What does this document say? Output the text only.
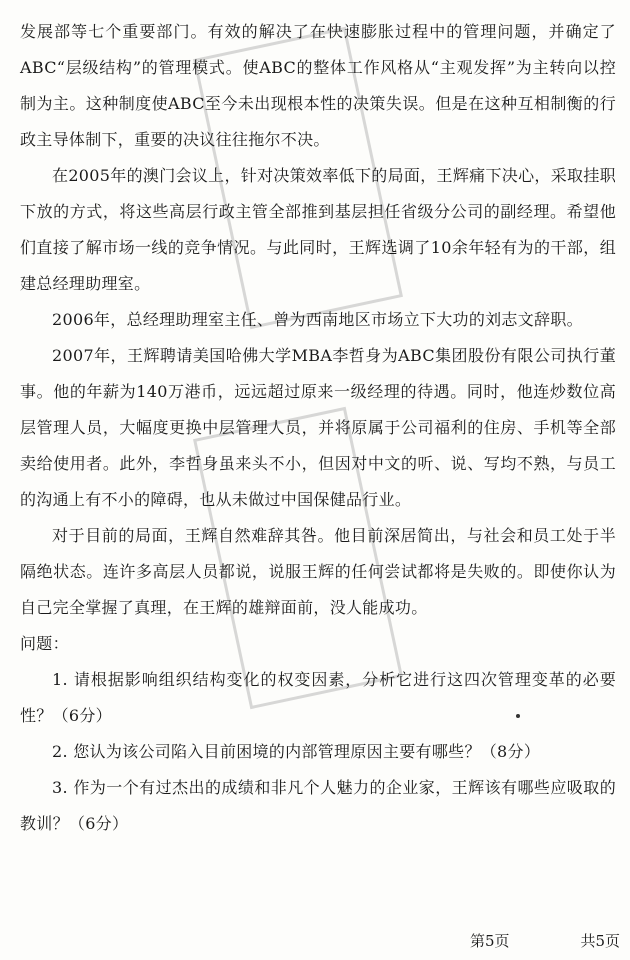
发展部等七个重要部门。有效的解决了在快速膨胀过程中的管理问题，并确定了ABC“层级结构”的管理模式。使ABC的整体工作风格从“主观发挥”为主转向以控制为主。这种制度使ABC至今未出现根本性的决策失误。但是在这种互相制衡的行政主导体制下，重要的决议往往拖尔不决。

在2005年的澳门会议上，针对决策效率低下的局面，王辉痛下决心，采取挂职下放的方式，将这些高层行政主管全部推到基层担任省级分公司的副经理。希望他们直接了解市场一线的竞争情况。与此同时，王辉选调了10余年轻有为的干部，组建总经理助理室。

2006年，总经理助理室主任、曾为西南地区市场立下大功的刘志文辞职。

2007年，王辉聘请美国哈佛大学MBA李哲身为ABC集团股份有限公司执行董事。他的年薪为140万港币，远远超过原来一级经理的待遇。同时，他连炒数位高层管理人员，大幅度更换中层管理人员，并将原属于公司福利的住房、手机等全部卖给使用者。此外，李哲身虽来头不小，但因对中文的听、说、写均不熟，与员工的沟通上有不小的障碍，也从未做过中国保健品行业。

对于目前的局面，王辉自然难辞其咎。他目前深居简出，与社会和员工处于半隔绝状态。连许多高层人员都说，说服王辉的任何尝试都将是失败的。即使你认为自己完全掌握了真理，在王辉的雄辩面前，没人能成功。

问题：

1. 请根据影响组织结构变化的权变因素，分析它进行这四次管理变革的必要性？（6分）

2. 您认为该公司陷入目前困境的内部管理原因主要有哪些？（8分）

3. 作为一个有过杰出的成绩和非凡个人魅力的企业家，王辉该有哪些应吸取的教训？（6分）

第5页	共5页
